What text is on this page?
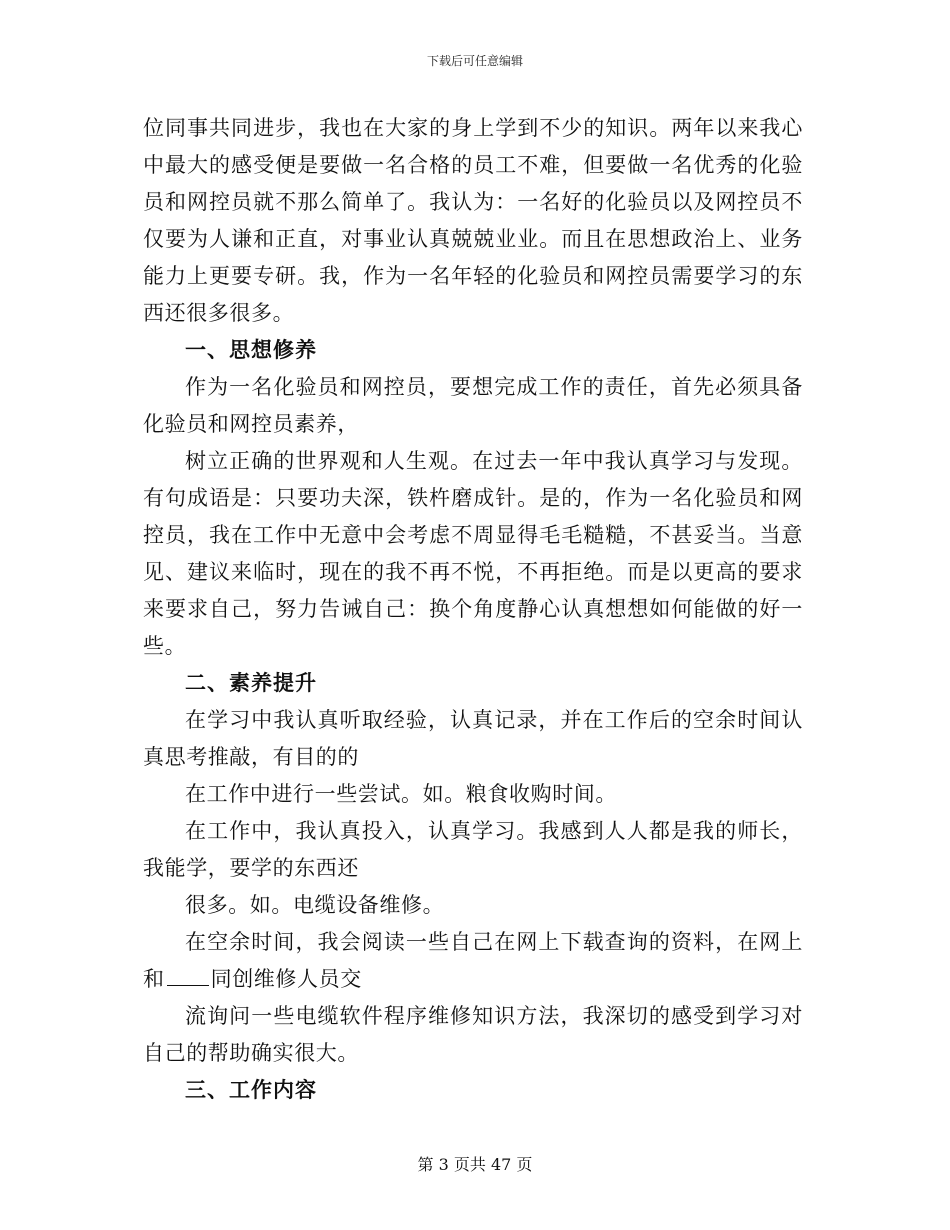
下载后可任意编辑

位同事共同进步，我也在大家的身上学到不少的知识。两年以来我心中最大的感受便是要做一名合格的员工不难，但要做一名优秀的化验员和网控员就不那么简单了。我认为：一名好的化验员以及网控员不仅要为人谦和正直，对事业认真兢兢业业。而且在思想政治上、业务能力上更要专研。我，作为一名年轻的化验员和网控员需要学习的东西还很多很多。

一、思想修养

作为一名化验员和网控员，要想完成工作的责任，首先必须具备化验员和网控员素养，

树立正确的世界观和人生观。在过去一年中我认真学习与发现。有句成语是：只要功夫深，铁杵磨成针。是的，作为一名化验员和网控员，我在工作中无意中会考虑不周显得毛毛糙糙，不甚妥当。当意见、建议来临时，现在的我不再不悦，不再拒绝。而是以更高的要求来要求自己，努力告诫自己：换个角度静心认真想想如何能做的好一些。

二、素养提升

在学习中我认真听取经验，认真记录，并在工作后的空余时间认真思考推敲，有目的的

在工作中进行一些尝试。如。粮食收购时间。

在工作中，我认真投入，认真学习。我感到人人都是我的师长，我能学，要学的东西还

很多。如。电缆设备维修。

在空余时间，我会阅读一些自己在网上下载查询的资料，在网上和 同创维修人员交

流询问一些电缆软件程序维修知识方法，我深切的感受到学习对自己的帮助确实很大。

三、工作内容

第 3 页共 47 页
